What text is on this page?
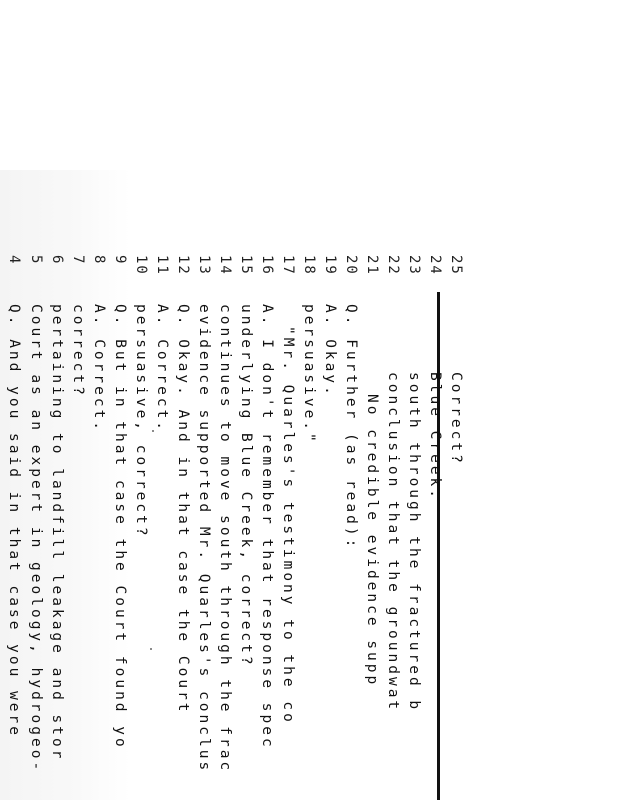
4 5 6 7 8 9 10 11 12 13 14 15 16 17 18 19 20 21 22 23 24 25
Q. And you said in that case you were Court as an expert in geology, hydrogeo- pertaining to landfill leakage and stor correct? A. Correct. Q. But in that case the Court found yo persuasive, correct? A. Correct. Q. Okay. And in that case the Court evidence supported Mr. Quarles's conclus continues to move south through the frac underlying Blue Creek, correct? A. I don't remember that response spec "Mr. Quarles's testimony to the co persuasive." A. Okay. Q. Further (as read): No credible evidence supp conclusion that the groundwat south through the fractured b Blue Creek. Correct?
